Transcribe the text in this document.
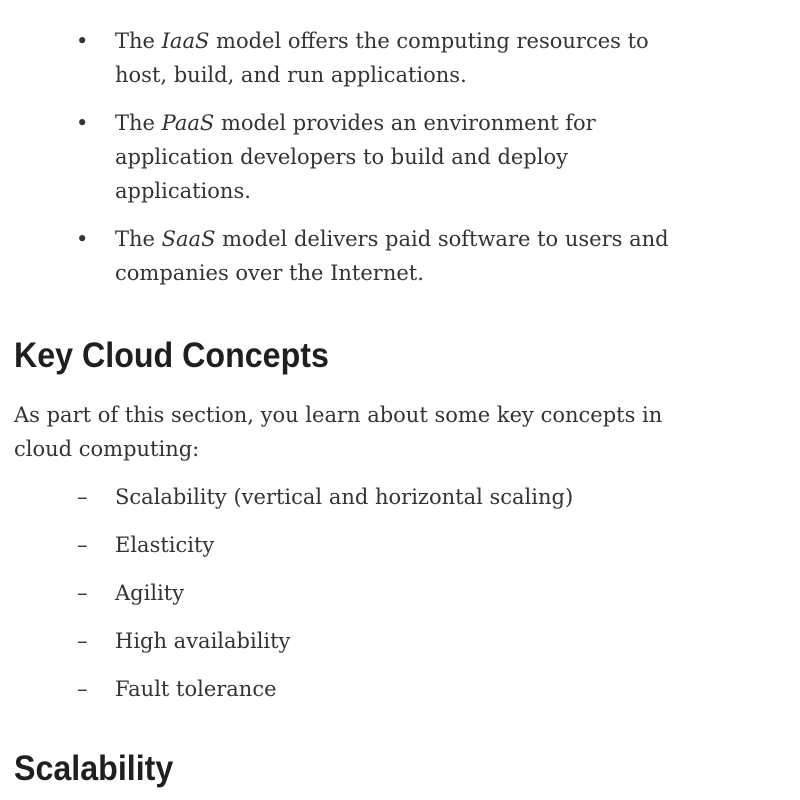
• The IaaS model offers the computing resources to host, build, and run applications.
• The PaaS model provides an environment for application developers to build and deploy applications.
• The SaaS model delivers paid software to users and companies over the Internet.
Key Cloud Concepts

As part of this section, you learn about some key concepts in cloud computing:

– Scalability (vertical and horizontal scaling)
– Elasticity
– Agility
– High availability
– Fault tolerance
Scalability
